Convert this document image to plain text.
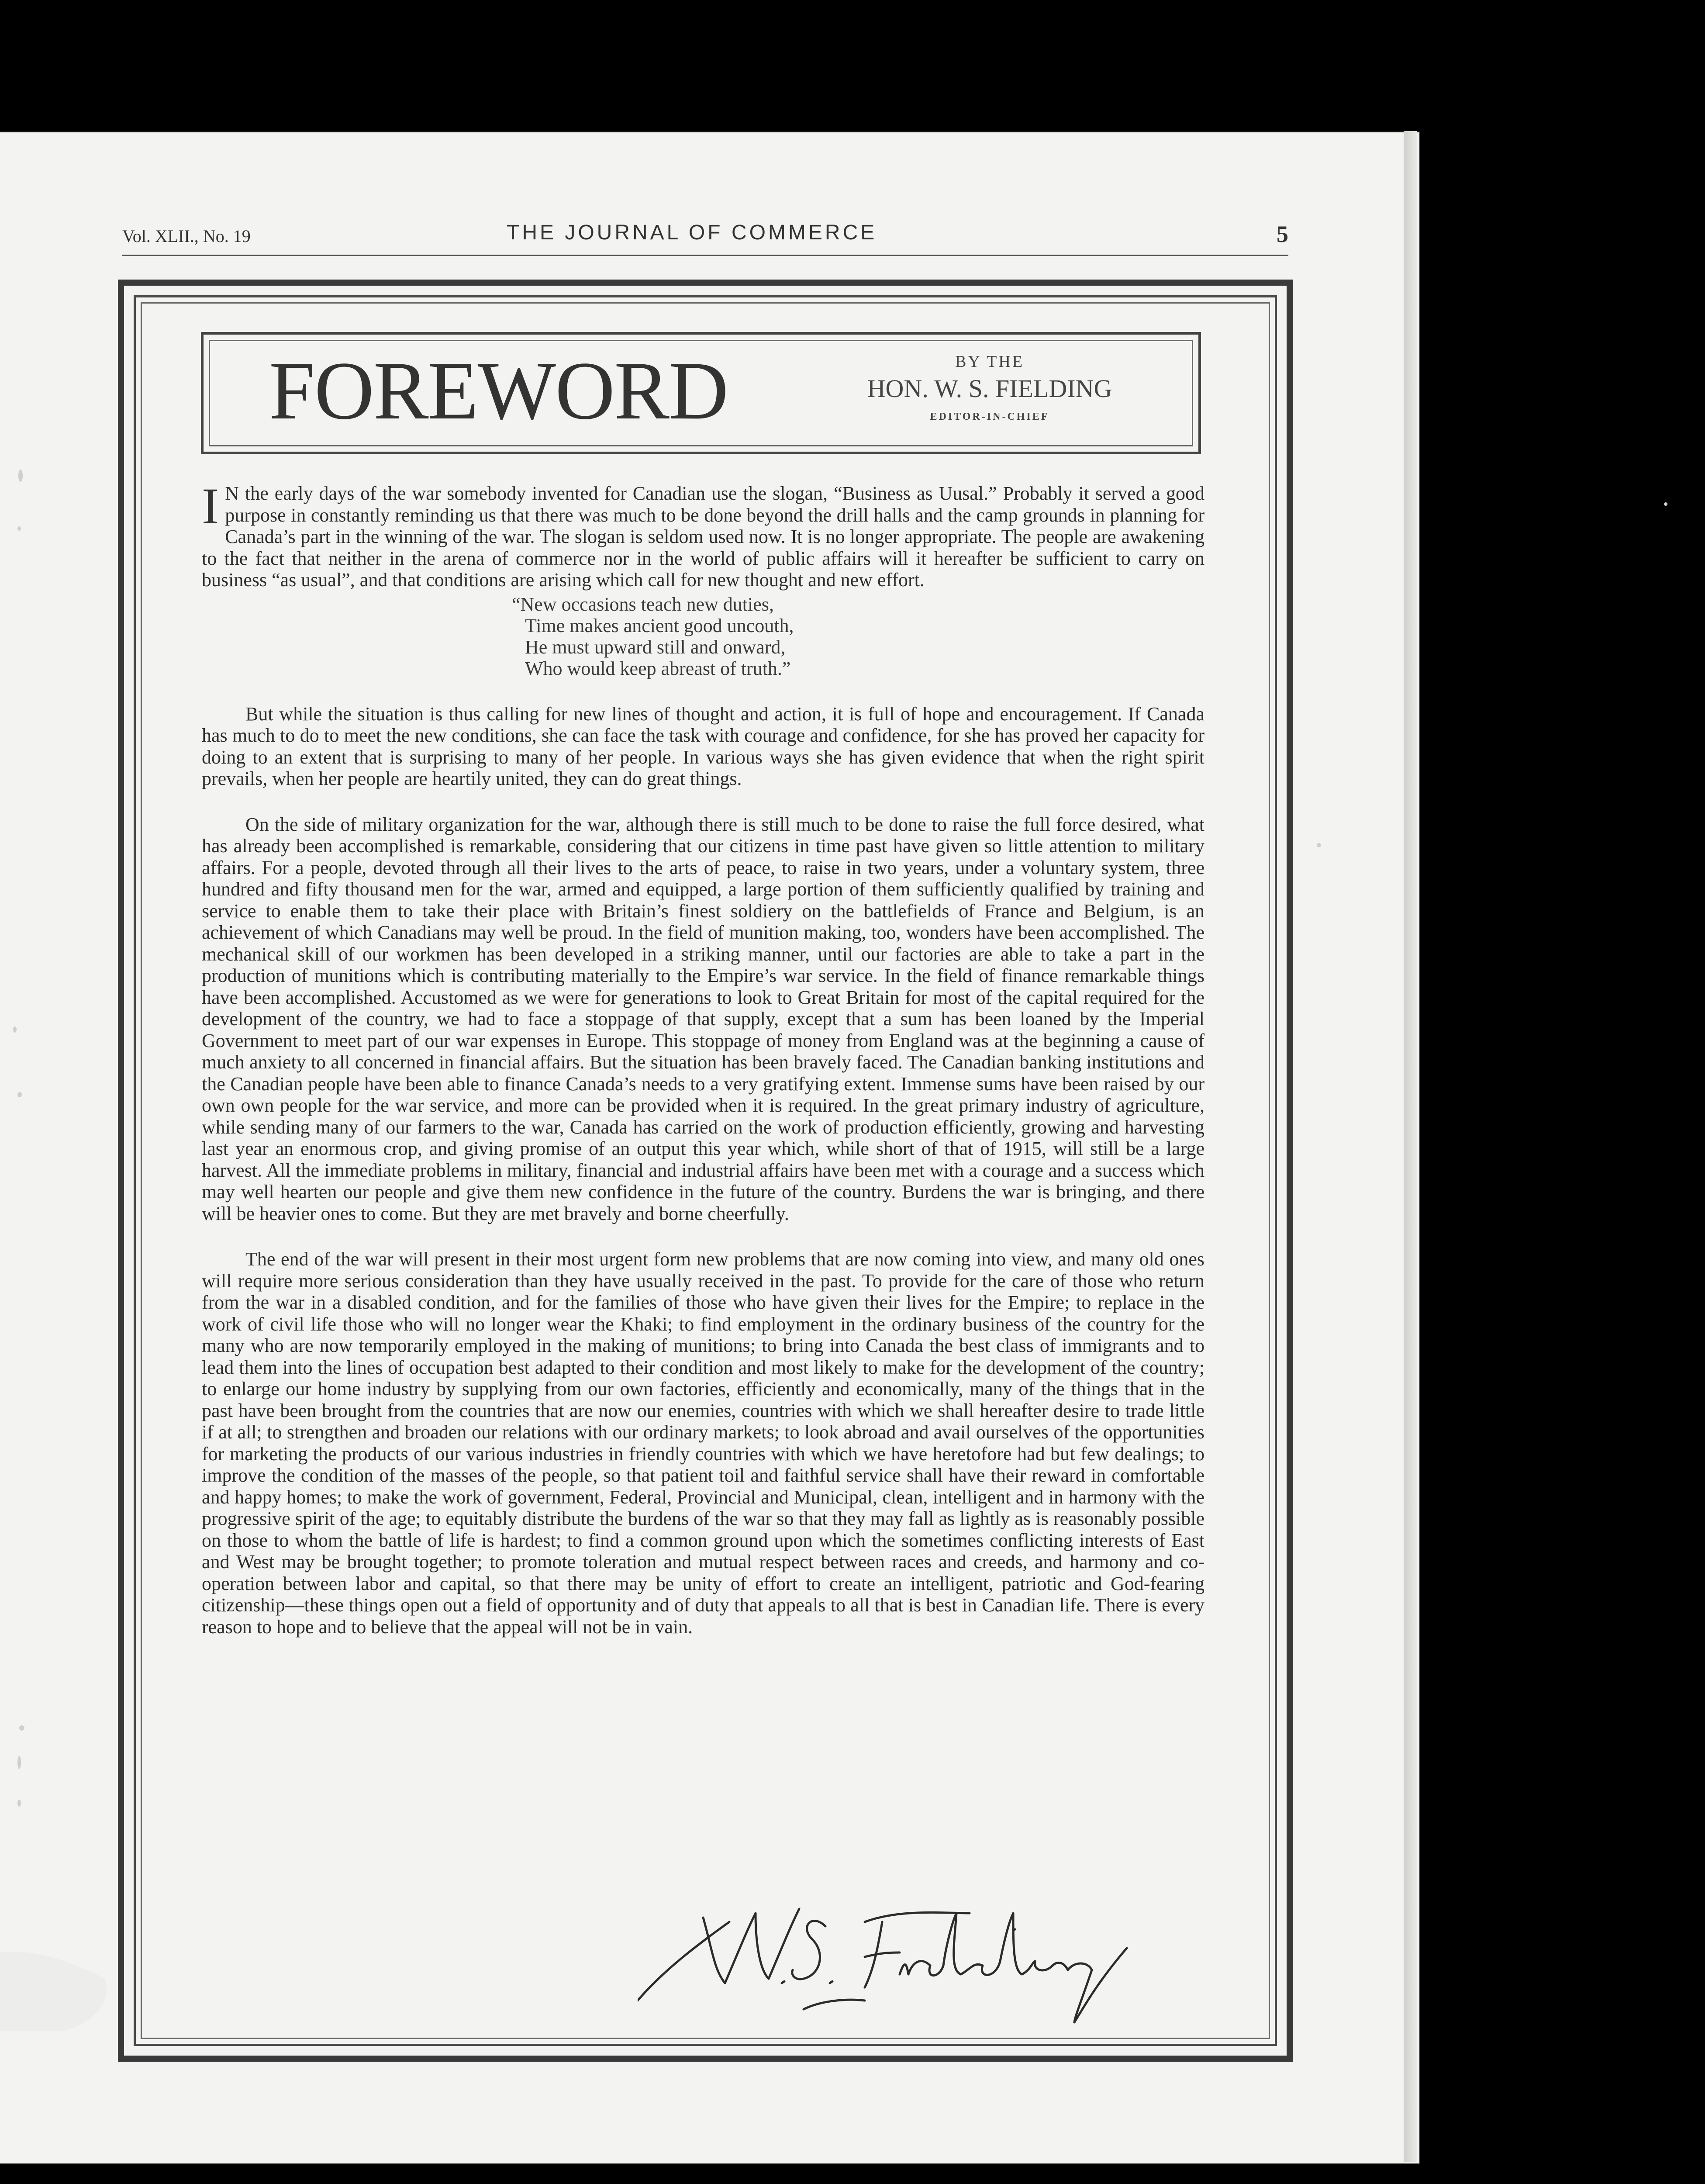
Vol. XLII., No. 19	THE JOURNAL OF COMMERCE	5
FOREWORD	BY THE
HON. W. S. FIELDING
EDITOR-IN-CHIEF

I N the early days of the war somebody invented for Canadian use the slogan, “Business as Uusal.” Probably it served a good purpose in constantly reminding us that there was much to be done beyond the drill halls and the camp grounds in planning for Canada’s part in the winning of the war. The slogan is seldom used now. It is no longer appropriate. The people are awakening to the fact that neither in the arena of commerce nor in the world of public affairs will it hereafter be sufficient to carry on business “as usual”, and that conditions are arising which call for new thought and new effort.

“New occasions teach new duties,
Time makes ancient good uncouth,
He must upward still and onward,
Who would keep abreast of truth.”

But while the situation is thus calling for new lines of thought and action, it is full of hope and encouragement. If Canada has much to do to meet the new conditions, she can face the task with courage and confidence, for she has proved her capacity for doing to an extent that is surprising to many of her people. In various ways she has given evidence that when the right spirit prevails, when her people are heartily united, they can do great things.

On the side of military organization for the war, although there is still much to be done to raise the full force desired, what has already been accomplished is remarkable, considering that our citizens in time past have given so little attention to military affairs. For a people, devoted through all their lives to the arts of peace, to raise in two years, under a voluntary system, three hundred and fifty thousand men for the war, armed and equipped, a large portion of them sufficiently qualified by training and service to enable them to take their place with Britain’s finest soldiery on the battlefields of France and Belgium, is an achievement of which Canadians may well be proud. In the field of munition making, too, wonders have been accomplished. The mechanical skill of our workmen has been developed in a striking manner, until our factories are able to take a part in the production of munitions which is contributing materially to the Empire’s war service. In the field of finance remarkable things have been accomplished. Accustomed as we were for generations to look to Great Britain for most of the capital required for the development of the country, we had to face a stoppage of that supply, except that a sum has been loaned by the Imperial Government to meet part of our war expenses in Europe. This stoppage of money from England was at the beginning a cause of much anxiety to all concerned in financial affairs. But the situation has been bravely faced. The Canadian banking institutions and the Canadian people have been able to finance Canada’s needs to a very gratifying extent. Immense sums have been raised by our own own people for the war service, and more can be provided when it is required. In the great primary industry of agriculture, while sending many of our farmers to the war, Canada has carried on the work of production efficiently, growing and harvesting last year an enormous crop, and giving promise of an output this year which, while short of that of 1915, will still be a large harvest. All the immediate problems in military, financial and industrial affairs have been met with a courage and a success which may well hearten our people and give them new confidence in the future of the country. Burdens the war is bringing, and there will be heavier ones to come. But they are met bravely and borne cheerfully.

The end of the war will present in their most urgent form new problems that are now coming into view, and many old ones will require more serious consideration than they have usually received in the past. To provide for the care of those who return from the war in a disabled condition, and for the families of those who have given their lives for the Empire; to replace in the work of civil life those who will no longer wear the Khaki; to find employment in the ordinary business of the country for the many who are now temporarily employed in the making of munitions; to bring into Canada the best class of immigrants and to lead them into the lines of occupation best adapted to their condition and most likely to make for the development of the country; to enlarge our home industry by supplying from our own factories, efficiently and economically, many of the things that in the past have been brought from the countries that are now our enemies, countries with which we shall hereafter desire to trade little if at all; to strengthen and broaden our relations with our ordinary markets; to look abroad and avail ourselves of the opportunities for marketing the products of our various industries in friendly countries with which we have heretofore had but few dealings; to improve the condition of the masses of the people, so that patient toil and faithful service shall have their reward in comfortable and happy homes; to make the work of government, Federal, Provincial and Municipal, clean, intelligent and in harmony with the progressive spirit of the age; to equitably distribute the burdens of the war so that they may fall as lightly as is reasonably possible on those to whom the battle of life is hardest; to find a common ground upon which the sometimes conflicting interests of East and West may be brought together; to promote toleration and mutual respect between races and creeds, and harmony and co-operation between labor and capital, so that there may be unity of effort to create an intelligent, patriotic and God-fearing citizenship—these things open out a field of opportunity and of duty that appeals to all that is best in Canadian life. There is every reason to hope and to believe that the appeal will not be in vain.
